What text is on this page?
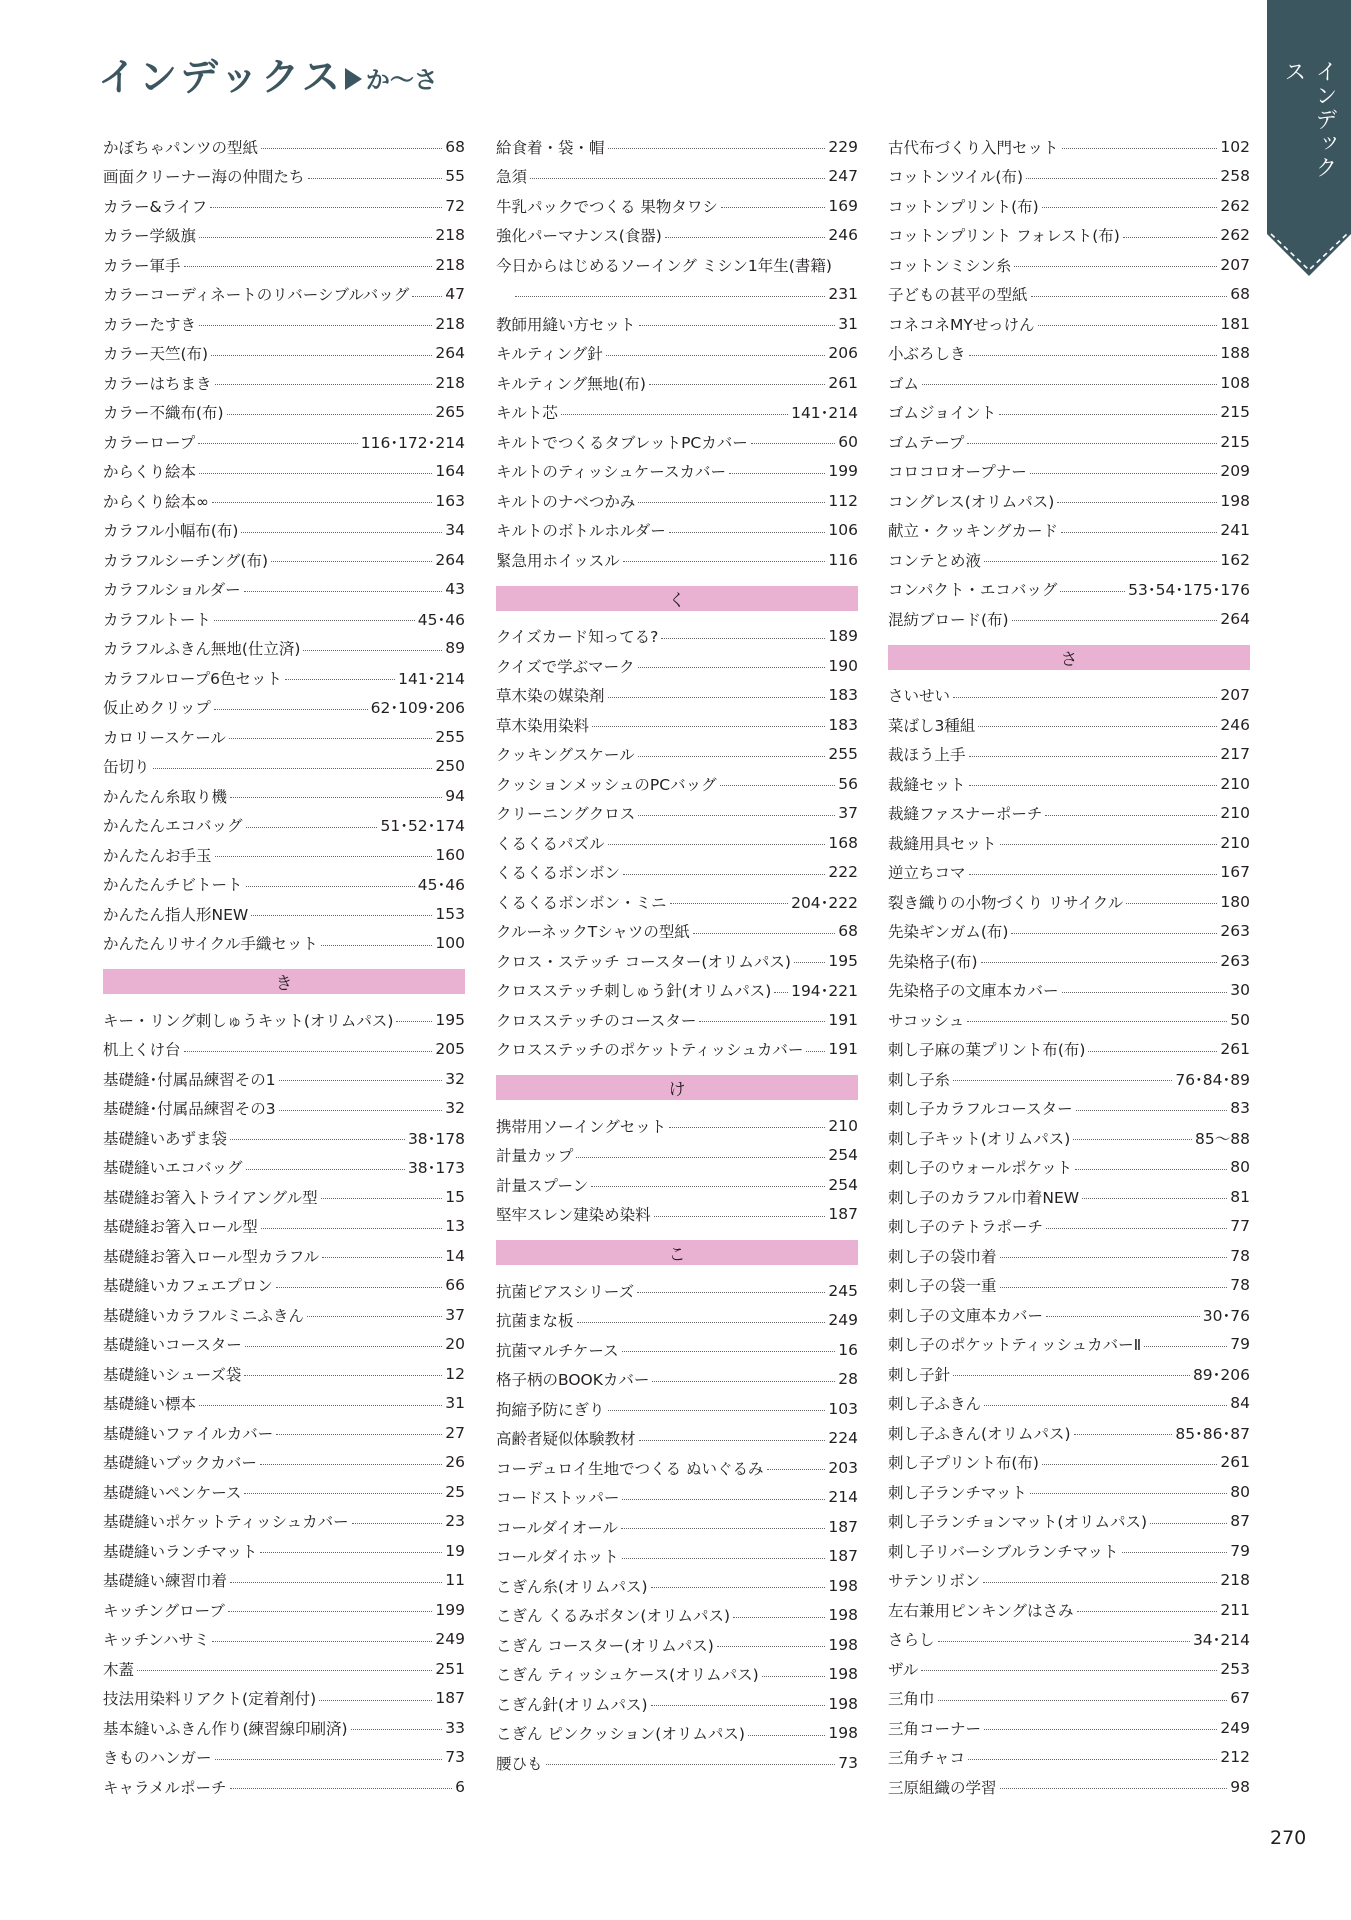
インデックス か〜さ	インデックス
かぼちゃパンツの型紙	68
画面クリーナー海の仲間たち	55
カラー&ライフ	72
カラー学級旗	218
カラー軍手	218
カラーコーディネートのリバーシブルバッグ 47
カラーたすき	218
カラー天竺(布)	264
カラーはちまき	218
カラー不織布(布)	265
カラーロープ	116･172･214
からくり絵本	164
からくり絵本∞	163
カラフル小幅布(布)	34
カラフルシーチング(布)	264
カラフルショルダー	43
カラフルトート	45･46
カラフルふきん無地(仕立済)	89
カラフルロープ6色セット	141･214
仮止めクリップ	62･109･206
カロリースケール	255
缶切り	250
かんたん糸取り機	94
かんたんエコバッグ	51･52･174
かんたんお手玉	160
かんたんチビトート	45･46
かんたん指人形NEW	153
かんたんリサイクル手織セット	100
き
キー・リング刺しゅうキット(オリムパス)	195
机上くけ台	205
基礎縫･付属品練習その1	32
基礎縫･付属品練習その3	32
基礎縫いあずま袋	38･178
基礎縫いエコバッグ	38･173
基礎縫お箸入トライアングル型	15
基礎縫お箸入ロール型	13
基礎縫お箸入ロール型カラフル	14
基礎縫いカフェエプロン	66
基礎縫いカラフルミニふきん	37
基礎縫いコースター	20
基礎縫いシューズ袋	12
基礎縫い標本	31
基礎縫いファイルカバー	27
基礎縫いブックカバー	26
基礎縫いペンケース	25
基礎縫いポケットティッシュカバー	23
基礎縫いランチマット	19
基礎縫い練習巾着	11
キッチングローブ	199
キッチンハサミ	249
木蓋	251
技法用染料リアクト(定着剤付)	187
基本縫いふきん作り(練習線印刷済)	33
きものハンガー	73
キャラメルポーチ	6
給食着・袋・帽	229
急須	247
牛乳パックでつくる 果物タワシ	169
強化パーマナンス(食器)	246
今日からはじめるソーイング ミシン1年生(書籍)
231
教師用縫い方セット	31
キルティング針	206
キルティング無地(布)	261
キルト芯	141･214
キルトでつくるタブレットPCカバー	60
キルトのティッシュケースカバー	199
キルトのナベつかみ	112
キルトのボトルホルダー	106
緊急用ホイッスル	116
く
クイズカード知ってる?	189
クイズで学ぶマーク	190
草木染の媒染剤	183
草木染用染料	183
クッキングスケール	255
クッションメッシュのPCバッグ	56
クリーニングクロス	37
くるくるパズル	168
くるくるボンボン	222
くるくるボンボン・ミニ	204･222
クルーネックTシャツの型紙	68
クロス・ステッチ コースター(オリムパス) 195
クロスステッチ刺しゅう針(オリムパス) 194･221
クロスステッチのコースター	191
クロスステッチのポケットティッシュカバー 191
け
携帯用ソーイングセット	210
計量カップ	254
計量スプーン	254
堅牢スレン建染め染料	187
こ
抗菌ピアスシリーズ	245
抗菌まな板	249
抗菌マルチケース	16
格子柄のBOOKカバー	28
拘縮予防にぎり	103
高齢者疑似体験教材	224
コーデュロイ生地でつくる ぬいぐるみ	203
コードストッパー	214
コールダイオール	187
コールダイホット	187
こぎん糸(オリムパス)	198
こぎん くるみボタン(オリムパス)	198
こぎん コースター(オリムパス)	198
こぎん ティッシュケース(オリムパス)	198
こぎん針(オリムパス)	198
こぎん ピンクッション(オリムパス)	198
腰ひも	73
古代布づくり入門セット	102
コットンツイル(布)	258
コットンプリント(布)	262
コットンプリント フォレスト(布)	262
コットンミシン糸	207
子どもの甚平の型紙	68
コネコネMYせっけん	181
小ぶろしき	188
ゴム	108
ゴムジョイント	215
ゴムテープ	215
コロコロオープナー	209
コングレス(オリムパス)	198
献立・クッキングカード	241
コンテとめ液	162
コンパクト・エコバッグ	53･54･175･176
混紡ブロード(布)	264
さ
さいせい	207
菜ばし3種組	246
裁ほう上手	217
裁縫セット	210
裁縫ファスナーポーチ	210
裁縫用具セット	210
逆立ちコマ	167
裂き織りの小物づくり リサイクル	180
先染ギンガム(布)	263
先染格子(布)	263
先染格子の文庫本カバー	30
サコッシュ	50
刺し子麻の葉プリント布(布)	261
刺し子糸	76･84･89
刺し子カラフルコースター	83
刺し子キット(オリムパス)	85〜88
刺し子のウォールポケット	80
刺し子のカラフル巾着NEW	81
刺し子のテトラポーチ	77
刺し子の袋巾着	78
刺し子の袋一重	78
刺し子の文庫本カバー	30･76
刺し子のポケットティッシュカバーⅡ	79
刺し子針	89･206
刺し子ふきん	84
刺し子ふきん(オリムパス)	85･86･87
刺し子プリント布(布)	261
刺し子ランチマット	80
刺し子ランチョンマット(オリムパス)	87
刺し子リバーシブルランチマット	79
サテンリボン	218
左右兼用ピンキングはさみ	211
さらし	34･214
ザル	253
三角巾	67
三角コーナー	249
三角チャコ	212
三原組織の学習	98
270
